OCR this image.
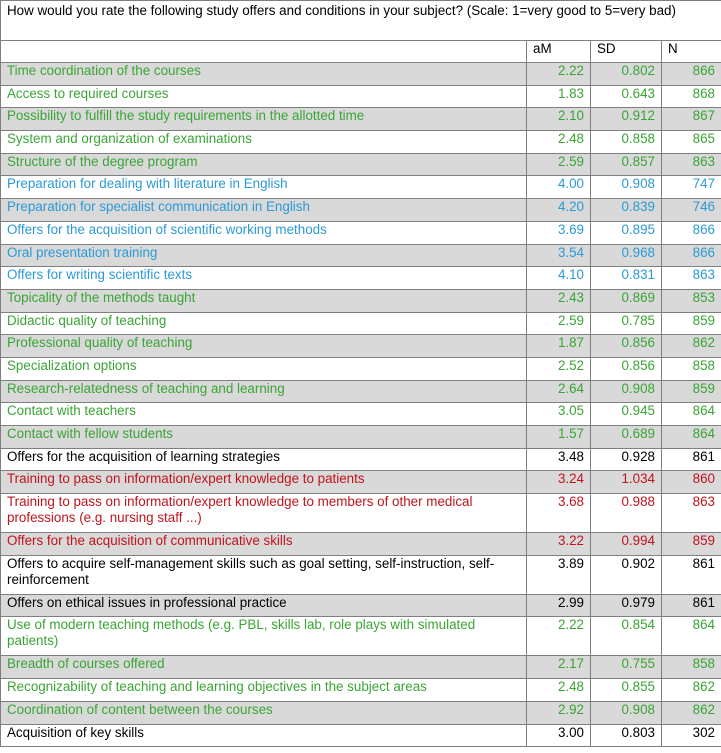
How would you rate the following study offers and conditions in your subject? (Scale: 1=very good to 5=very bad)			
	aM	SD	N
Time coordination of the courses	2.22	0.802	866
Access to required courses	1.83	0.643	868
Possibility to fulfill the study requirements in the allotted time	2.10	0.912	867
System and organization of examinations	2.48	0.858	865
Structure of the degree program	2.59	0.857	863
Preparation for dealing with literature in English	4.00	0.908	747
Preparation for specialist communication in English	4.20	0.839	746
Offers for the acquisition of scientific working methods	3.69	0.895	866
Oral presentation training	3.54	0.968	866
Offers for writing scientific texts	4.10	0.831	863
Topicality of the methods taught	2.43	0.869	853
Didactic quality of teaching	2.59	0.785	859
Professional quality of teaching	1.87	0.856	862
Specialization options	2.52	0.856	858
Research-relatedness of teaching and learning	2.64	0.908	859
Contact with teachers	3.05	0.945	864
Contact with fellow students	1.57	0.689	864
Offers for the acquisition of learning strategies	3.48	0.928	861
Training to pass on information/expert knowledge to patients	3.24	1.034	860
Training to pass on information/expert knowledge to members of other medical professions (e.g. nursing staff ...)	3.68	0.988	863
Offers for the acquisition of communicative skills	3.22	0.994	859
Offers to acquire self-management skills such as goal setting, self-instruction, self-reinforcement	3.89	0.902	861
Offers on ethical issues in professional practice	2.99	0.979	861
Use of modern teaching methods (e.g. PBL, skills lab, role plays with simulated patients)	2.22	0.854	864
Breadth of courses offered	2.17	0.755	858
Recognizability of teaching and learning objectives in the subject areas	2.48	0.855	862
Coordination of content between the courses	2.92	0.908	862
Acquisition of key skills	3.00	0.803	302
